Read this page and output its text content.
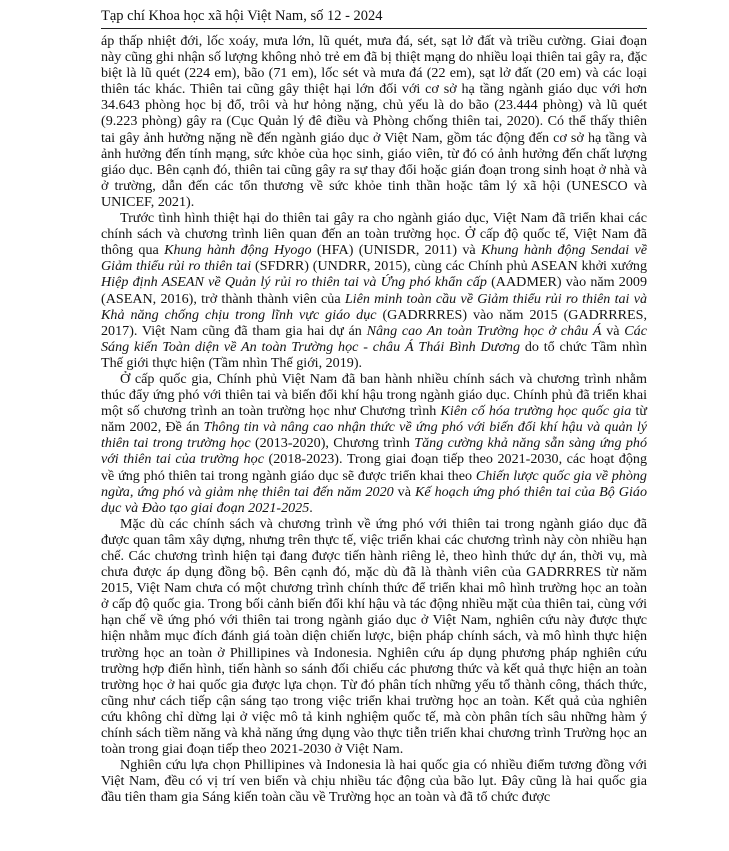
Tạp chí Khoa học xã hội Việt Nam, số 12 - 2024

áp thấp nhiệt đới, lốc xoáy, mưa lớn, lũ quét, mưa đá, sét, sạt lở đất và triều cường. Giai đoạn này cũng ghi nhận số lượng không nhỏ trẻ em đã bị thiệt mạng do nhiều loại thiên tai gây ra, đặc biệt là lũ quét (224 em), bão (71 em), lốc sét và mưa đá (22 em), sạt lở đất (20 em) và các loại thiên tác khác. Thiên tai cũng gây thiệt hại lớn đối với cơ sở hạ tầng ngành giáo dục với hơn 34.643 phòng học bị đổ, trôi và hư hỏng nặng, chủ yếu là do bão (23.444 phòng) và lũ quét (9.223 phòng) gây ra (Cục Quản lý đê điều và Phòng chống thiên tai, 2020). Có thể thấy thiên tai gây ảnh hưởng nặng nề đến ngành giáo dục ở Việt Nam, gồm tác động đến cơ sở hạ tầng và ảnh hưởng đến tính mạng, sức khỏe của học sinh, giáo viên, từ đó có ảnh hưởng đến chất lượng giáo dục. Bên cạnh đó, thiên tai cũng gây ra sự thay đổi hoặc gián đoạn trong sinh hoạt ở nhà và ở trường, dẫn đến các tổn thương về sức khỏe tinh thần hoặc tâm lý xã hội (UNESCO và UNICEF, 2021).

Trước tình hình thiệt hại do thiên tai gây ra cho ngành giáo dục, Việt Nam đã triển khai các chính sách và chương trình liên quan đến an toàn trường học. Ở cấp độ quốc tế, Việt Nam đã thông qua Khung hành động Hyogo (HFA) (UNISDR, 2011) và Khung hành động Sendai về Giảm thiểu rủi ro thiên tai (SFDRR) (UNDRR, 2015), cùng các Chính phủ ASEAN khởi xướng Hiệp định ASEAN về Quản lý rủi ro thiên tai và Ứng phó khẩn cấp (AADMER) vào năm 2009 (ASEAN, 2016), trở thành thành viên của Liên minh toàn cầu về Giảm thiểu rủi ro thiên tai và Khả năng chống chịu trong lĩnh vực giáo dục (GADRRRES) vào năm 2015 (GADRRRES, 2017). Việt Nam cũng đã tham gia hai dự án Nâng cao An toàn Trường học ở châu Á và Các Sáng kiến Toàn diện về An toàn Trường học - châu Á Thái Bình Dương do tổ chức Tầm nhìn Thế giới thực hiện (Tầm nhìn Thế giới, 2019).

Ở cấp quốc gia, Chính phủ Việt Nam đã ban hành nhiều chính sách và chương trình nhằm thúc đẩy ứng phó với thiên tai và biến đổi khí hậu trong ngành giáo dục. Chính phủ đã triển khai một số chương trình an toàn trường học như Chương trình Kiên cố hóa trường học quốc gia từ năm 2002, Đề án Thông tin và nâng cao nhận thức về ứng phó với biến đổi khí hậu và quản lý thiên tai trong trường học (2013-2020), Chương trình Tăng cường khả năng sẵn sàng ứng phó với thiên tai của trường học (2018-2023). Trong giai đoạn tiếp theo 2021-2030, các hoạt động về ứng phó thiên tai trong ngành giáo dục sẽ được triển khai theo Chiến lược quốc gia về phòng ngừa, ứng phó và giảm nhẹ thiên tai đến năm 2020 và Kế hoạch ứng phó thiên tai của Bộ Giáo dục và Đào tạo giai đoạn 2021-2025.

Mặc dù các chính sách và chương trình về ứng phó với thiên tai trong ngành giáo dục đã được quan tâm xây dựng, nhưng trên thực tế, việc triển khai các chương trình này còn nhiều hạn chế. Các chương trình hiện tại đang được tiến hành riêng lẻ, theo hình thức dự án, thời vụ, mà chưa được áp dụng đồng bộ. Bên cạnh đó, mặc dù đã là thành viên của GADRRRES từ năm 2015, Việt Nam chưa có một chương trình chính thức để triển khai mô hình trường học an toàn ở cấp độ quốc gia. Trong bối cảnh biến đổi khí hậu và tác động nhiều mặt của thiên tai, cùng với hạn chế về ứng phó với thiên tai trong ngành giáo dục ở Việt Nam, nghiên cứu này được thực hiện nhằm mục đích đánh giá toàn diện chiến lược, biện pháp chính sách, và mô hình thực hiện trường học an toàn ở Phillipines và Indonesia. Nghiên cứu áp dụng phương pháp nghiên cứu trường hợp điển hình, tiến hành so sánh đối chiếu các phương thức và kết quả thực hiện an toàn trường học ở hai quốc gia được lựa chọn. Từ đó phân tích những yếu tố thành công, thách thức, cũng như cách tiếp cận sáng tạo trong việc triển khai trường học an toàn. Kết quả của nghiên cứu không chỉ dừng lại ở việc mô tả kinh nghiệm quốc tế, mà còn phân tích sâu những hàm ý chính sách tiềm năng và khả năng ứng dụng vào thực tiễn triển khai chương trình Trường học an toàn trong giai đoạn tiếp theo 2021-2030 ở Việt Nam.

Nghiên cứu lựa chọn Phillipines và Indonesia là hai quốc gia có nhiều điểm tương đồng với Việt Nam, đều có vị trí ven biển và chịu nhiều tác động của bão lụt. Đây cũng là hai quốc gia đầu tiên tham gia Sáng kiến toàn cầu về Trường học an toàn và đã tổ chức được
